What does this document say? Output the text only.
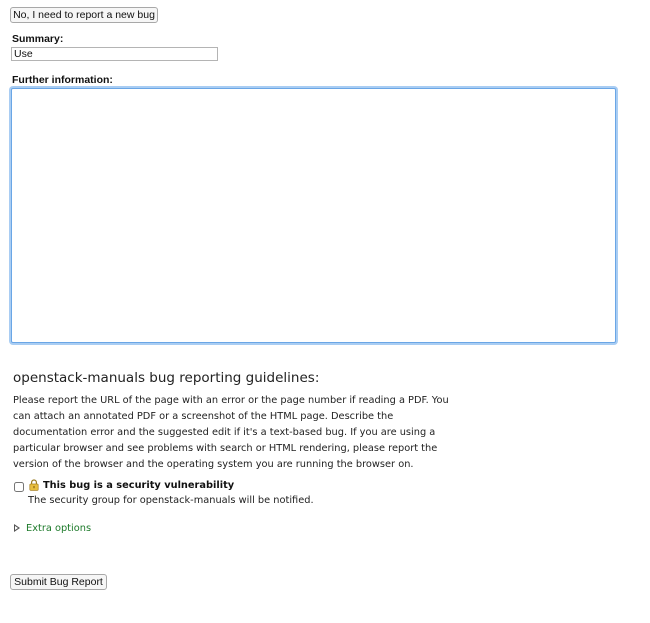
No, I need to report a new bug
Summary:
Use
Further information:
openstack-manuals bug reporting guidelines:

Please report the URL of the page with an error or the page number if reading a PDF. You can attach an annotated PDF or a screenshot of the HTML page. Describe the documentation error and the suggested edit if it's a text-based bug. If you are using a particular browser and see problems with search or HTML rendering, please report the version of the browser and the operating system you are running the browser on.

This bug is a security vulnerability
The security group for openstack-manuals will be notified.
Extra options
Submit Bug Report
